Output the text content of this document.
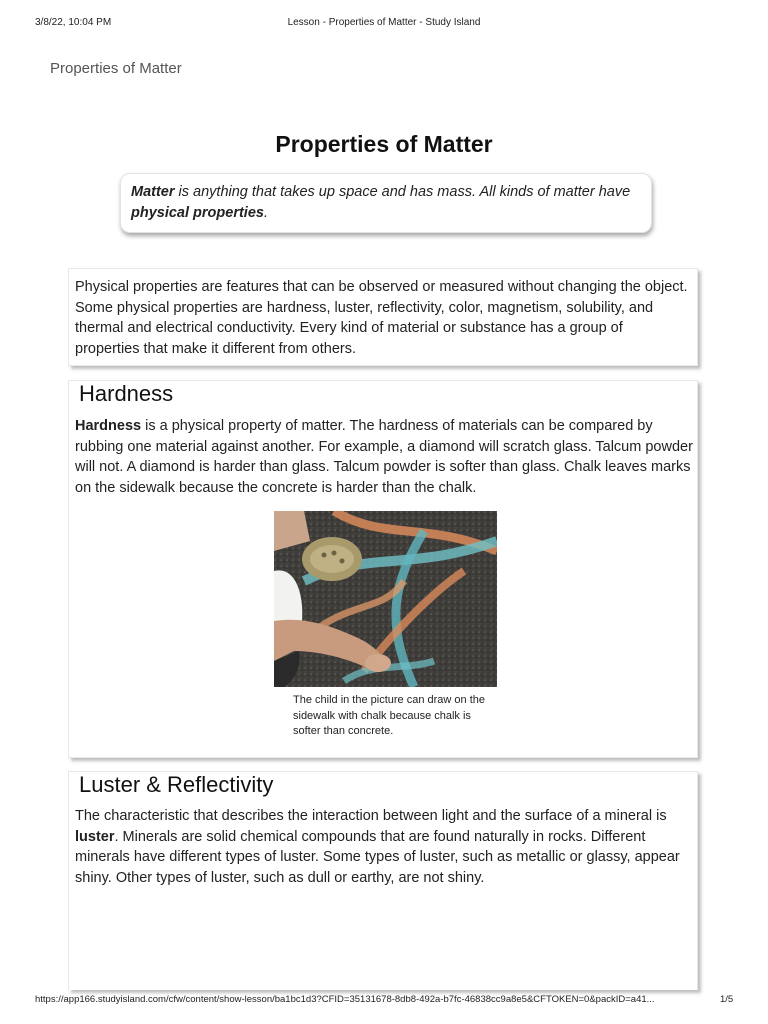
3/8/22, 10:04 PM	Lesson - Properties of Matter - Study Island
Properties of Matter
Properties of Matter
Matter is anything that takes up space and has mass. All kinds of matter have physical properties.

Physical properties are features that can be observed or measured without changing the object. Some physical properties are hardness, luster, reflectivity, color, magnetism, solubility, and thermal and electrical conductivity. Every kind of material or substance has a group of properties that make it different from others.

Hardness

Hardness is a physical property of matter. The hardness of materials can be compared by rubbing one material against another. For example, a diamond will scratch glass. Talcum powder will not. A diamond is harder than glass. Talcum powder is softer than glass. Chalk leaves marks on the sidewalk because the concrete is harder than the chalk.

The child in the picture can draw on the sidewalk with chalk because chalk is softer than concrete.
Luster & Reflectivity

The characteristic that describes the interaction between light and the surface of a mineral is luster. Minerals are solid chemical compounds that are found naturally in rocks. Different minerals have different types of luster. Some types of luster, such as metallic or glassy, appear shiny. Other types of luster, such as dull or earthy, are not shiny.

https://app166.studyisland.com/cfw/content/show-lesson/ba1bc1d3?CFID=35131678-8db8-492a-b7fc-46838cc9a8e5&CFTOKEN=0&packID=a41...	1/5
